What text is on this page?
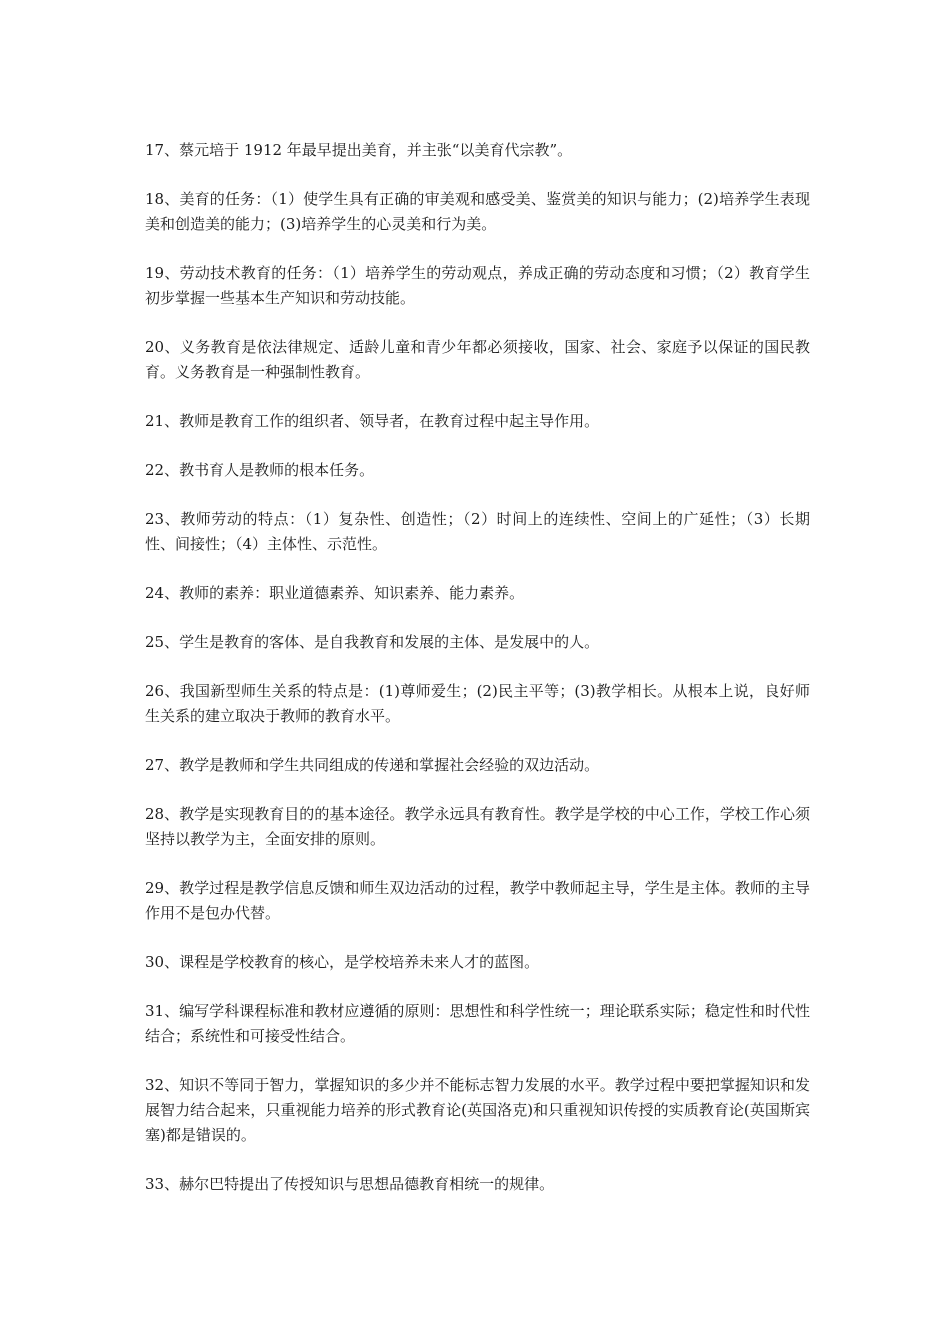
17、蔡元培于 1912 年最早提出美育，并主张“以美育代宗教”。

18、美育的任务：（1）使学生具有正确的审美观和感受美、鉴赏美的知识与能力；(2)培养学生表现美和创造美的能力；(3)培养学生的心灵美和行为美。

19、劳动技术教育的任务：（1）培养学生的劳动观点，养成正确的劳动态度和习惯；（2）教育学生初步掌握一些基本生产知识和劳动技能。

20、义务教育是依法律规定、适龄儿童和青少年都必须接收，国家、社会、家庭予以保证的国民教育。义务教育是一种强制性教育。

21、教师是教育工作的组织者、领导者，在教育过程中起主导作用。

22、教书育人是教师的根本任务。

23、教师劳动的特点：（1）复杂性、创造性；（2）时间上的连续性、空间上的广延性；（3）长期性、间接性；（4）主体性、示范性。

24、教师的素养：职业道德素养、知识素养、能力素养。

25、学生是教育的客体、是自我教育和发展的主体、是发展中的人。

26、我国新型师生关系的特点是：(1)尊师爱生；(2)民主平等；(3)教学相长。从根本上说，良好师生关系的建立取决于教师的教育水平。

27、教学是教师和学生共同组成的传递和掌握社会经验的双边活动。

28、教学是实现教育目的的基本途径。教学永远具有教育性。教学是学校的中心工作，学校工作心须坚持以教学为主，全面安排的原则。

29、教学过程是教学信息反馈和师生双边活动的过程，教学中教师起主导，学生是主体。教师的主导作用不是包办代替。

30、课程是学校教育的核心，是学校培养未来人才的蓝图。

31、编写学科课程标准和教材应遵循的原则：思想性和科学性统一；理论联系实际；稳定性和时代性结合；系统性和可接受性结合。

32、知识不等同于智力，掌握知识的多少并不能标志智力发展的水平。教学过程中要把掌握知识和发展智力结合起来，只重视能力培养的形式教育论(英国洛克)和只重视知识传授的实质教育论(英国斯宾塞)都是错误的。

33、赫尔巴特提出了传授知识与思想品德教育相统一的规律。
